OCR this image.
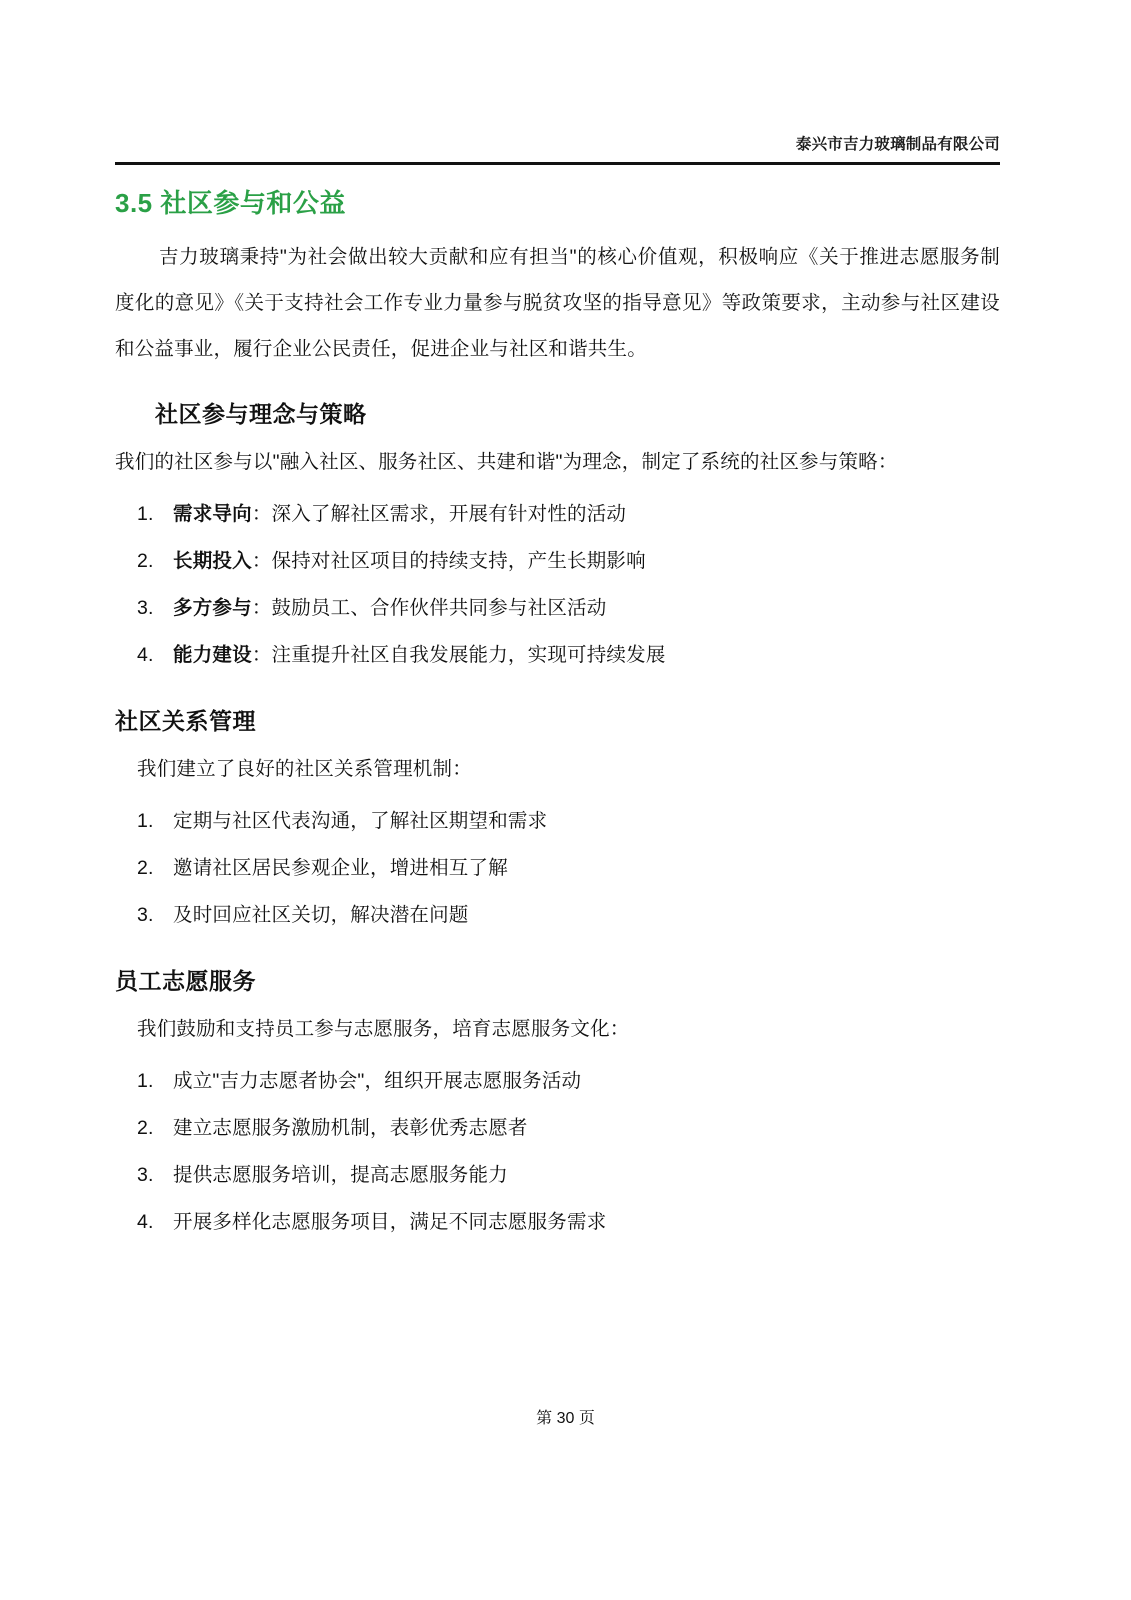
泰兴市吉力玻璃制品有限公司
3.5 社区参与和公益
吉力玻璃秉持"为社会做出较大贡献和应有担当"的核心价值观，积极响应《关于推进志愿服务制度化的意见》《关于支持社会工作专业力量参与脱贫攻坚的指导意见》等政策要求，主动参与社区建设和公益事业，履行企业公民责任，促进企业与社区和谐共生。
社区参与理念与策略
我们的社区参与以"融入社区、服务社区、共建和谐"为理念，制定了系统的社区参与策略：
1. 需求导向：深入了解社区需求，开展有针对性的活动
2. 长期投入：保持对社区项目的持续支持，产生长期影响
3. 多方参与：鼓励员工、合作伙伴共同参与社区活动
4. 能力建设：注重提升社区自我发展能力，实现可持续发展
社区关系管理
我们建立了良好的社区关系管理机制：
1. 定期与社区代表沟通，了解社区期望和需求
2. 邀请社区居民参观企业，增进相互了解
3. 及时回应社区关切，解决潜在问题
员工志愿服务
我们鼓励和支持员工参与志愿服务，培育志愿服务文化：
1. 成立"吉力志愿者协会"，组织开展志愿服务活动
2. 建立志愿服务激励机制，表彰优秀志愿者
3. 提供志愿服务培训，提高志愿服务能力
4. 开展多样化志愿服务项目，满足不同志愿服务需求
第 30 页
